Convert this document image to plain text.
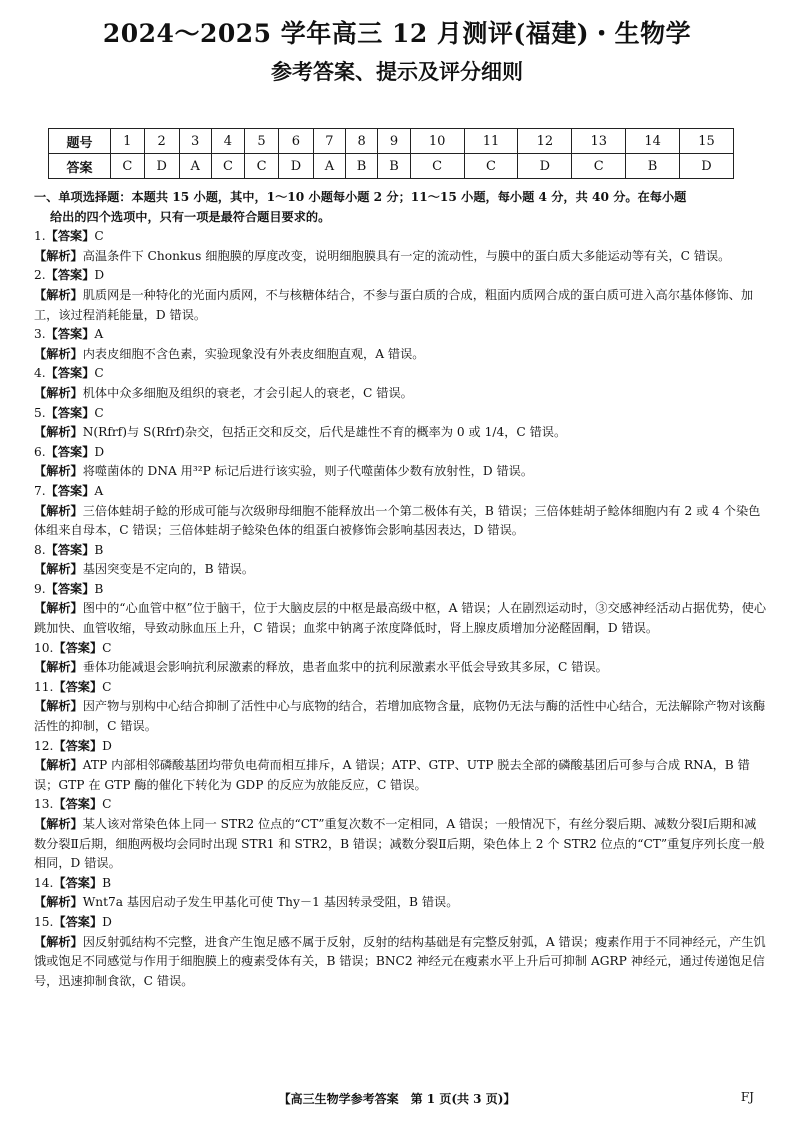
2024～2025 学年高三 12 月测评(福建)・生物学
参考答案、提示及评分细则
题号	1	2	3	4	5	6	7	8	9	10	11	12	13	14	15
答案	C	D	A	C	C	D	A	B	B	C	C	D	C	B	D
一、单项选择题：本题共 15 小题，其中，1～10 小题每小题 2 分；11～15 小题，每小题 4 分，共 40 分。在每小题
给出的四个选项中，只有一项是最符合题目要求的。
1.【答案】C
【解析】高温条件下 Chonkus 细胞膜的厚度改变，说明细胞膜具有一定的流动性，与膜中的蛋白质大多能运动等有关，C 错误。
2.【答案】D
【解析】肌质网是一种特化的光面内质网，不与核糖体结合，不参与蛋白质的合成，粗面内质网合成的蛋白质可进入高尔基体修饰、加工，该过程消耗能量，D 错误。
3.【答案】A
【解析】内表皮细胞不含色素，实验现象没有外表皮细胞直观，A 错误。
4.【答案】C
【解析】机体中众多细胞及组织的衰老，才会引起人的衰老，C 错误。
5.【答案】C
【解析】N(Rfrf)与 S(Rfrf)杂交，包括正交和反交，后代是雄性不育的概率为 0 或 1/4，C 错误。
6.【答案】D
【解析】将噬菌体的 DNA 用³²P 标记后进行该实验，则子代噬菌体少数有放射性，D 错误。
7.【答案】A
【解析】三倍体蛙胡子鲶的形成可能与次级卵母细胞不能释放出一个第二极体有关，B 错误；三倍体蛙胡子鲶体细胞内有 2 或 4 个染色体组来自母本，C 错误；三倍体蛙胡子鲶染色体的组蛋白被修饰会影响基因表达，D 错误。
8.【答案】B
【解析】基因突变是不定向的，B 错误。
9.【答案】B
【解析】图中的“心血管中枢”位于脑干，位于大脑皮层的中枢是最高级中枢，A 错误；人在剧烈运动时，③交感神经活动占据优势，使心跳加快、血管收缩，导致动脉血压上升，C 错误；血浆中钠离子浓度降低时，肾上腺皮质增加分泌醛固酮，D 错误。
10.【答案】C
【解析】垂体功能减退会影响抗利尿激素的释放，患者血浆中的抗利尿激素水平低会导致其多尿，C 错误。
11.【答案】C
【解析】因产物与别构中心结合抑制了活性中心与底物的结合，若增加底物含量，底物仍无法与酶的活性中心结合，无法解除产物对该酶活性的抑制，C 错误。
12.【答案】D
【解析】ATP 内部相邻磷酸基团均带负电荷而相互排斥，A 错误；ATP、GTP、UTP 脱去全部的磷酸基团后可参与合成 RNA，B 错误；GTP 在 GTP 酶的催化下转化为 GDP 的反应为放能反应，C 错误。
13.【答案】C
【解析】某人该对常染色体上同一 STR2 位点的“CT”重复次数不一定相同，A 错误；一般情况下，有丝分裂后期、减数分裂Ⅰ后期和减数分裂Ⅱ后期，细胞两极均会同时出现 STR1 和 STR2，B 错误；减数分裂Ⅱ后期，染色体上 2 个 STR2 位点的“CT”重复序列长度一般相同，D 错误。
14.【答案】B
【解析】Wnt7a 基因启动子发生甲基化可使 Thy－1 基因转录受阻，B 错误。
15.【答案】D
【解析】因反射弧结构不完整，进食产生饱足感不属于反射，反射的结构基础是有完整反射弧，A 错误；瘦素作用于不同神经元，产生饥饿或饱足不同感觉与作用于细胞膜上的瘦素受体有关，B 错误；BNC2 神经元在瘦素水平上升后可抑制 AGRP 神经元，通过传递饱足信号，迅速抑制食欲，C 错误。
【高三生物学参考答案　第 1 页(共 3 页)】	FJ
